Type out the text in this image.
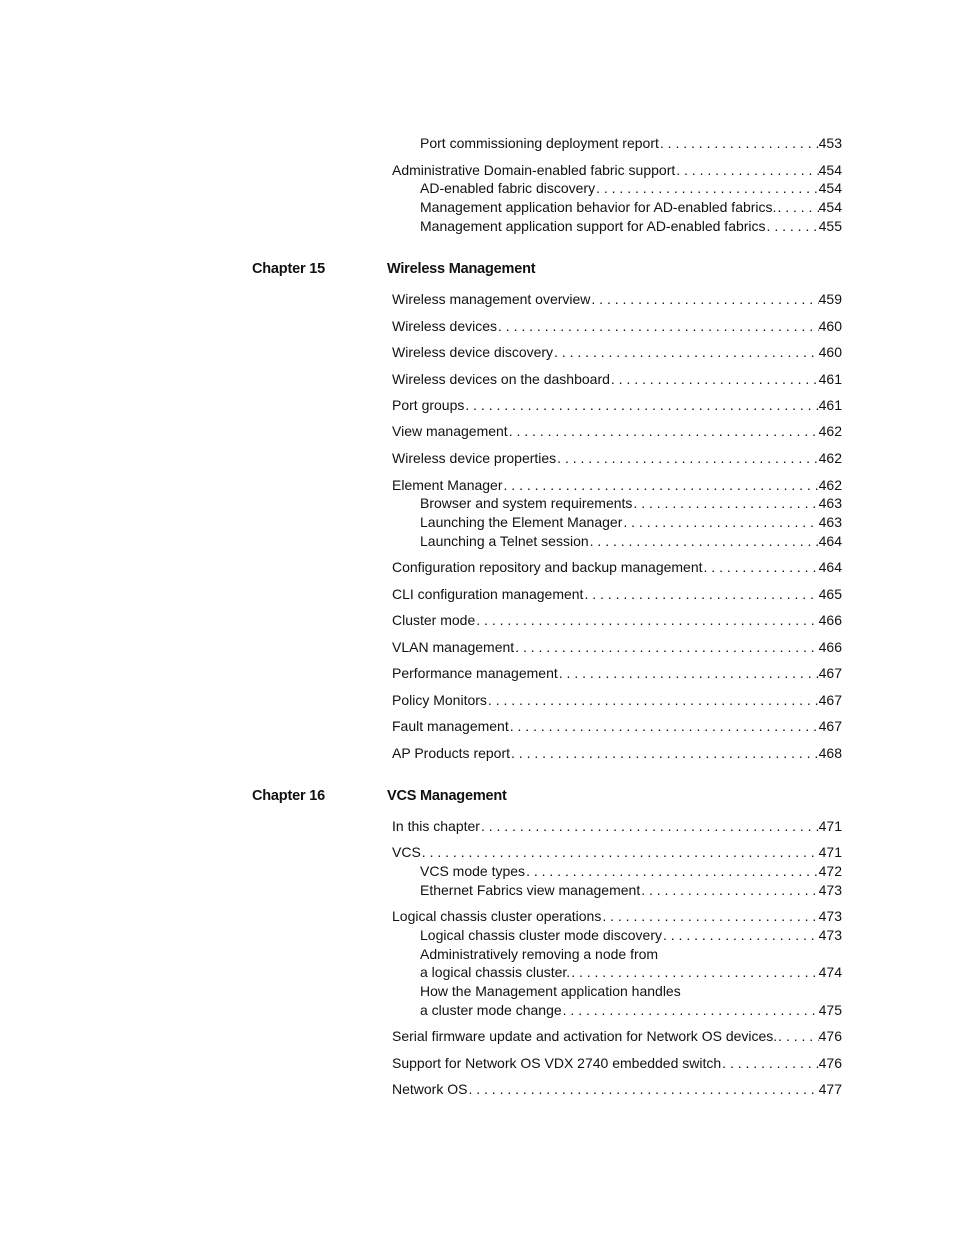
Port commissioning deployment report . . .	453
Administrative Domain-enabled fabric support . . .	454
AD-enabled fabric discovery . . .	454
Management application behavior for AD-enabled fabrics. . . .	454
Management application support for AD-enabled fabrics . . .	455
Chapter 15	Wireless Management
Wireless management overview . . .	459
Wireless devices . . .	460
Wireless device discovery . . .	460
Wireless devices on the dashboard . . .	461
Port groups . . .	461
View management . . .	462
Wireless device properties . . .	462
Element Manager . . .	462
Browser and system requirements . . .	463
Launching the Element Manager . . .	463
Launching a Telnet session . . .	464
Configuration repository and backup management . . .	464
CLI configuration management . . .	465
Cluster mode . . .	466
VLAN management . . .	466
Performance management . . .	467
Policy Monitors . . .	467
Fault management . . .	467
AP Products report . . .	468
Chapter 16	VCS Management
In this chapter . . .	471
VCS . . .	471
VCS mode types . . .	472
Ethernet Fabrics view management . . .	473
Logical chassis cluster operations . . .	473
Logical chassis cluster mode discovery . . .	473
Administratively removing a node from
a logical chassis cluster. . . .	474
How the Management application handles
a cluster mode change . . .	475
Serial firmware update and activation for Network OS devices. . . .	476
Support for Network OS VDX 2740 embedded switch . . .	476
Network OS . . .	477
